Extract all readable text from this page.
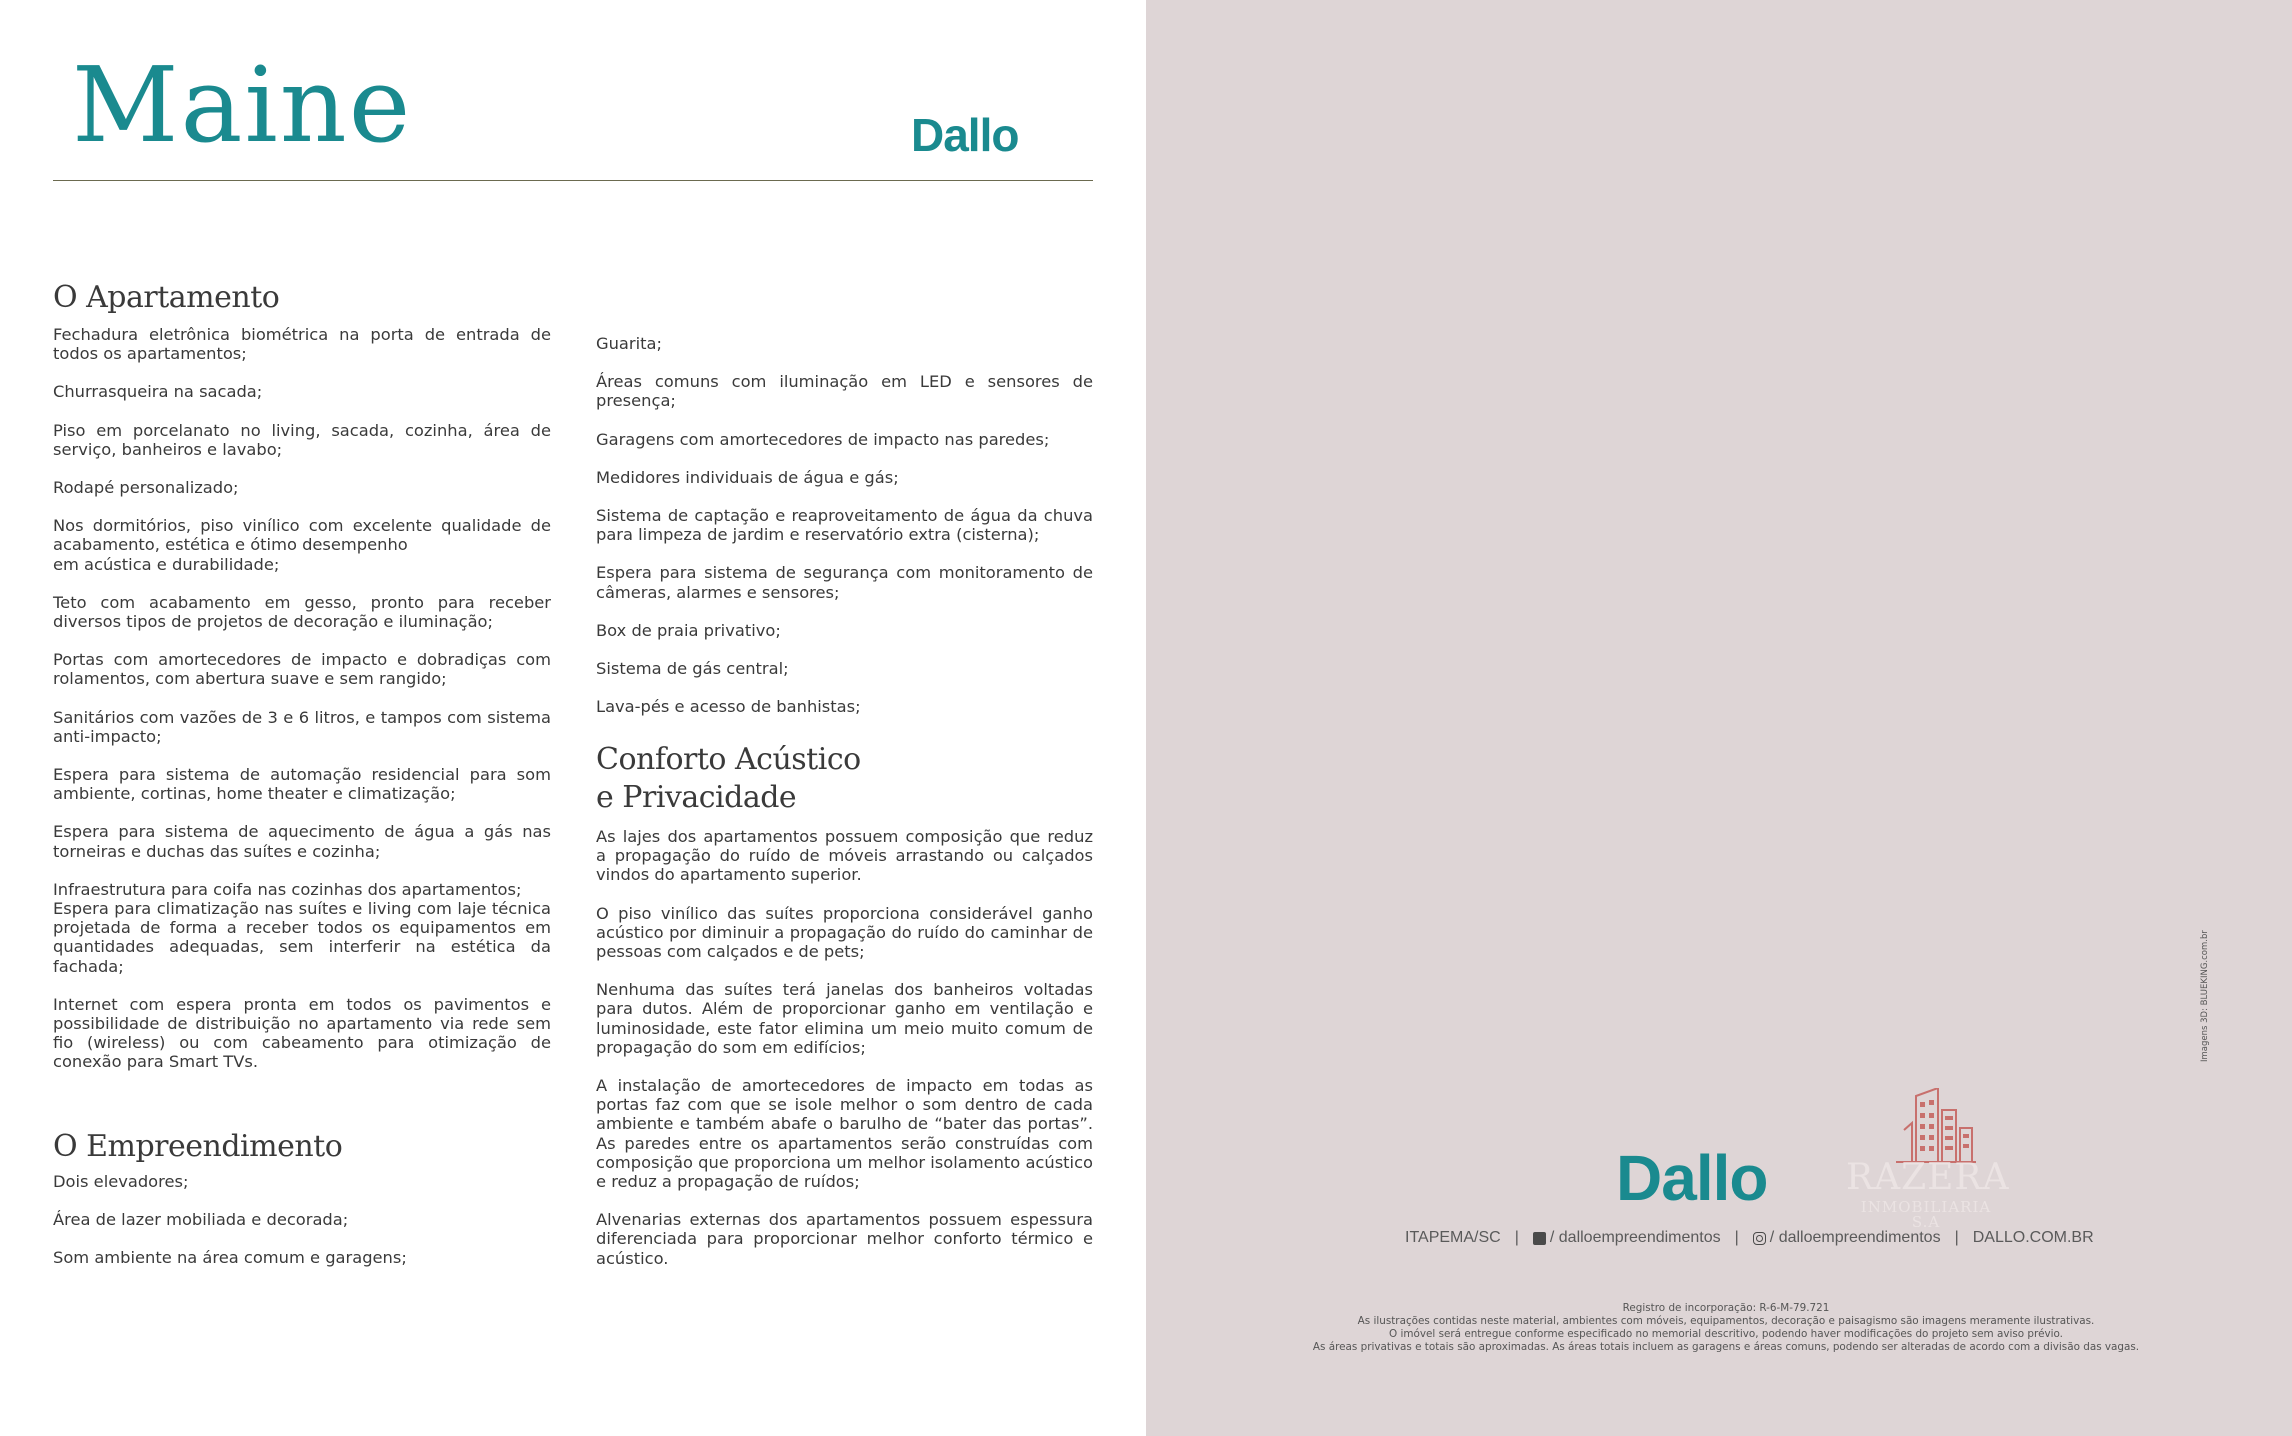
Maine	Dallo
O Apartamento
Fechadura eletrônica biométrica na porta de entrada de todos os apartamentos;
Churrasqueira na sacada;
Piso em porcelanato no living, sacada, cozinha, área de serviço, banheiros e lavabo;
Rodapé personalizado;
Nos dormitórios, piso vinílico com excelente qualidade de acabamento, estética e ótimo desempenho
em acústica e durabilidade;
Teto com acabamento em gesso, pronto para receber diversos tipos de projetos de decoração e iluminação;
Portas com amortecedores de impacto e dobradiças com rolamentos, com abertura suave e sem rangido;
Sanitários com vazões de 3 e 6 litros, e tampos com sistema anti-impacto;
Espera para sistema de automação residencial para som ambiente, cortinas, home theater e climatização;
Espera para sistema de aquecimento de água a gás nas torneiras e duchas das suítes e cozinha;
Infraestrutura para coifa nas cozinhas dos apartamentos;
Espera para climatização nas suítes e living com laje técnica projetada de forma a receber todos os equipamentos em quantidades adequadas, sem interferir na estética da fachada;
Internet com espera pronta em todos os pavimentos e possibilidade de distribuição no apartamento via rede sem fio (wireless) ou com cabeamento para otimização de conexão para Smart TVs.
O Empreendimento
Dois elevadores;
Área de lazer mobiliada e decorada;
Som ambiente na área comum e garagens;
Guarita;
Áreas comuns com iluminação em LED e sensores de presença;
Garagens com amortecedores de impacto nas paredes;
Medidores individuais de água e gás;
Sistema de captação e reaproveitamento de água da chuva para limpeza de jardim e reservatório extra (cisterna);
Espera para sistema de segurança com monitoramento de câmeras, alarmes e sensores;
Box de praia privativo;
Sistema de gás central;
Lava-pés e acesso de banhistas;
Conforto Acústico
e Privacidade
As lajes dos apartamentos possuem composição que reduz a propagação do ruído de móveis arrastando ou calçados vindos do apartamento superior.
O piso vinílico das suítes proporciona considerável ganho acústico por diminuir a propagação do ruído do caminhar de pessoas com calçados e de pets;
Nenhuma das suítes terá janelas dos banheiros voltadas para dutos. Além de proporcionar ganho em ventilação e luminosidade, este fator elimina um meio muito comum de propagação do som em edifícios;
A instalação de amortecedores de impacto em todas as portas faz com que se isole melhor o som dentro de cada ambiente e também abafe o barulho de “bater das portas”. As paredes entre os apartamentos serão construídas com composição que proporciona um melhor isolamento acústico e reduz a propagação de ruídos;
Alvenarias externas dos apartamentos possuem espessura diferenciada para proporcionar melhor conforto térmico e acústico.
Dallo RAZERA
INMOBILIARIA S.A
ITAPEMA/SC | / dalloempreendimentos | / dalloempreendimentos | DALLO.COM.BR
Registro de incorporação: R-6-M-79.721
As ilustrações contidas neste material, ambientes com móveis, equipamentos, decoração e paisagismo são imagens meramente ilustrativas.
O imóvel será entregue conforme especificado no memorial descritivo, podendo haver modificações do projeto sem aviso prévio.
As áreas privativas e totais são aproximadas. As áreas totais incluem as garagens e áreas comuns, podendo ser alteradas de acordo com a divisão das vagas.
Imagens 3D: BLUEKING.com.br
